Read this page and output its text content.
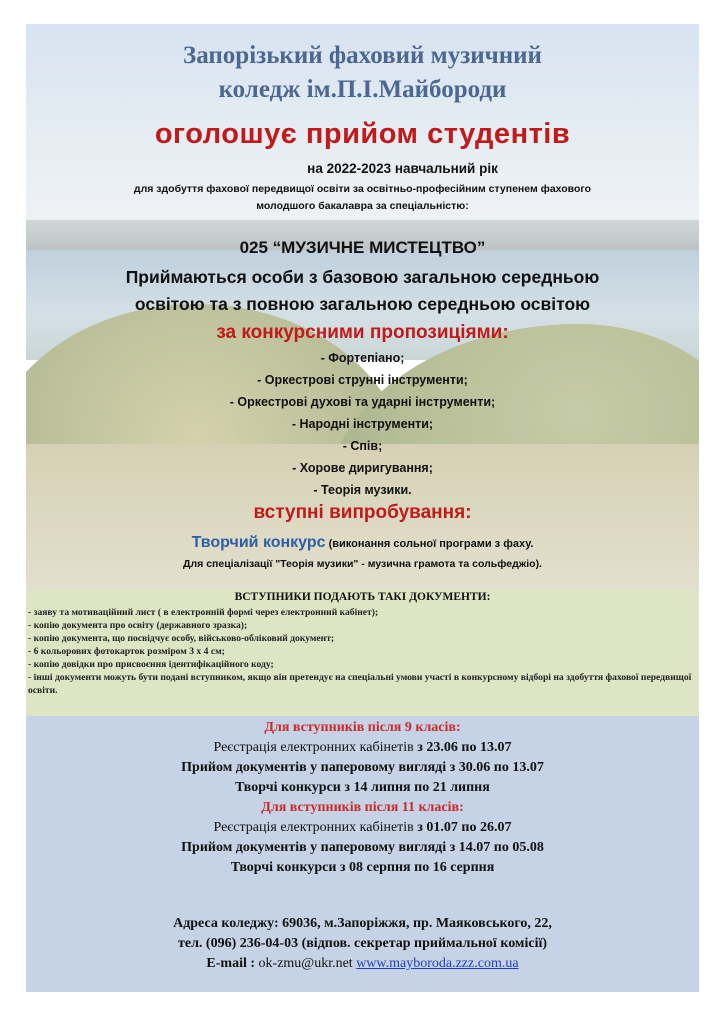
Запорізький фаховий музичний
коледж ім.П.І.Майбороди
оголошує прийом студентів
на 2022-2023 навчальний рік
для здобуття фахової передвищої освіти за освітньо-професійним ступенем фахового
молодшого бакалавра за спеціальністю:
025 “МУЗИЧНЕ МИСТЕЦТВО”
Приймаються особи з базовою загальною середньою
освітою та з повною загальною середньою освітою
за конкурсними пропозиціями:
- Фортепіано;
- Оркестрові струнні інструменти;
- Оркестрові духові та ударні інструменти;
- Народні інструменти;
- Спів;
- Хорове диригування;
- Теорія музики.
вступні випробування:
Творчий конкурс (виконання сольної програми з фаху.
Для спеціалізації "Теорія музики" - музична грамота та сольфеджіо).
ВСТУПНИКИ ПОДАЮТЬ ТАКІ ДОКУМЕНТИ:
- заяву та мотиваційний лист ( в електронній формі через електронний кабінет);
- копію документа про освіту (державного зразка);
- копію документа, що посвідчує особу, військово-обліковий документ;
- 6 кольорових фотокарток розміром 3 х 4 см;
- копію довідки про присвоєння ідентифікаційного коду;
- інші документи можуть бути подані вступником, якщо він претендує на спеціальні умови участі в конкурсному відборі на здобуття фахової передвищої освіти.
Для вступників після 9 класів:
Реєстрація електронних кабінетів з 23.06 по 13.07
Прийом документів у паперовому вигляді з 30.06 по 13.07
Творчі конкурси з 14 липня по 21 липня
Для вступників після 11 класів:
Реєстрація електронних кабінетів з 01.07 по 26.07
Прийом документів у паперовому вигляді з 14.07 по 05.08
Творчі конкурси з 08 серпня по 16 серпня
Адреса коледжу: 69036, м.Запоріжжя, пр. Маяковського, 22,
тел. (096) 236-04-03 (відпов. секретар приймальної комісії)
E-mail : ok-zmu@ukr.net www.mayboroda.zzz.com.ua
